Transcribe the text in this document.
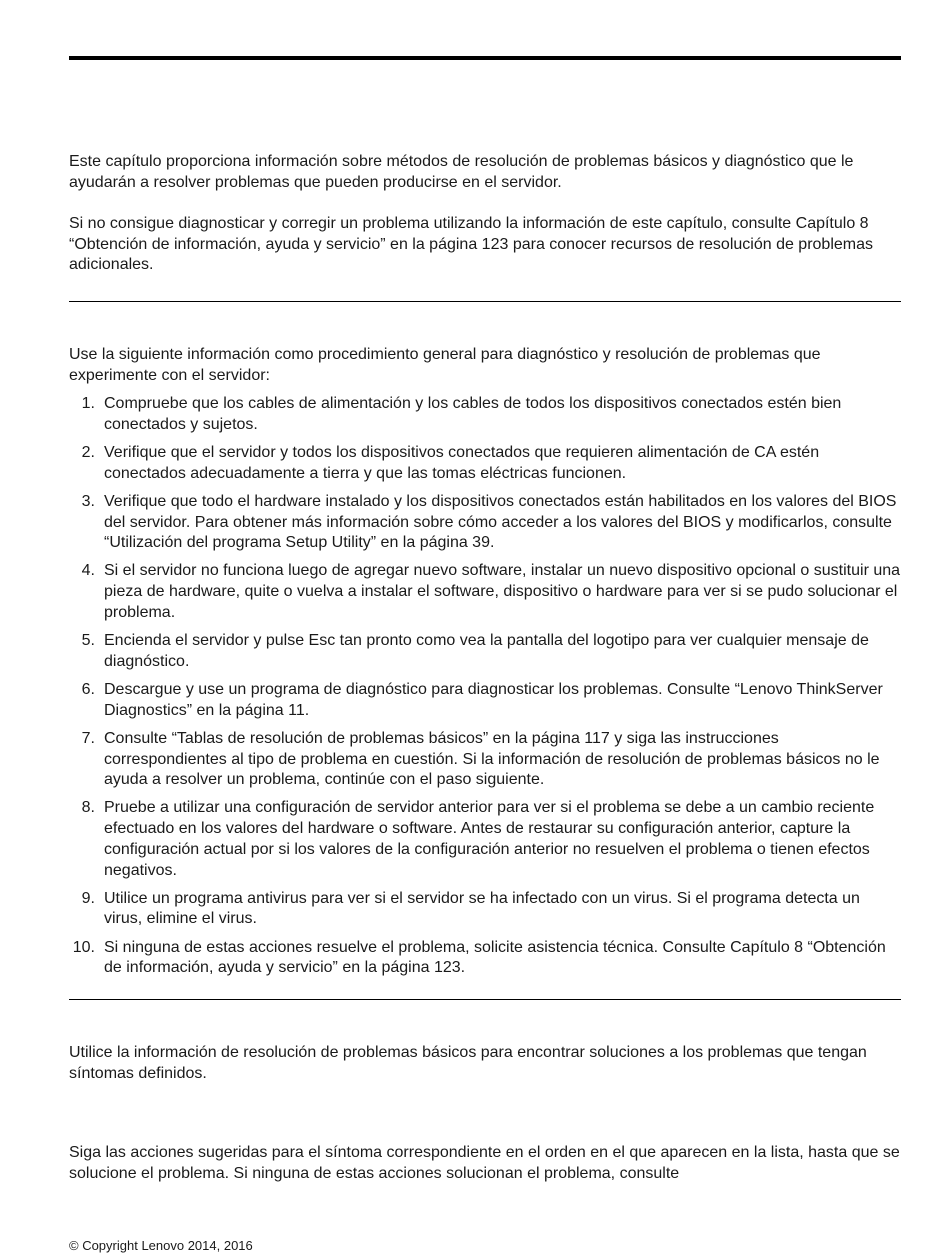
Este capítulo proporciona información sobre métodos de resolución de problemas básicos y diagnóstico que le ayudarán a resolver problemas que pueden producirse en el servidor.

Si no consigue diagnosticar y corregir un problema utilizando la información de este capítulo, consulte Capítulo 8 “Obtención de información, ayuda y servicio” en la página 123 para conocer recursos de resolución de problemas adicionales.

Use la siguiente información como procedimiento general para diagnóstico y resolución de problemas que experimente con el servidor:

1. Compruebe que los cables de alimentación y los cables de todos los dispositivos conectados estén bien conectados y sujetos.
2. Verifique que el servidor y todos los dispositivos conectados que requieren alimentación de CA estén conectados adecuadamente a tierra y que las tomas eléctricas funcionen.
3. Verifique que todo el hardware instalado y los dispositivos conectados están habilitados en los valores del BIOS del servidor. Para obtener más información sobre cómo acceder a los valores del BIOS y modificarlos, consulte “Utilización del programa Setup Utility” en la página 39.
4. Si el servidor no funciona luego de agregar nuevo software, instalar un nuevo dispositivo opcional o sustituir una pieza de hardware, quite o vuelva a instalar el software, dispositivo o hardware para ver si se pudo solucionar el problema.
5. Encienda el servidor y pulse Esc tan pronto como vea la pantalla del logotipo para ver cualquier mensaje de diagnóstico.
6. Descargue y use un programa de diagnóstico para diagnosticar los problemas. Consulte “Lenovo ThinkServer Diagnostics” en la página 11.
7. Consulte “Tablas de resolución de problemas básicos” en la página 117 y siga las instrucciones correspondientes al tipo de problema en cuestión. Si la información de resolución de problemas básicos no le ayuda a resolver un problema, continúe con el paso siguiente.
8. Pruebe a utilizar una configuración de servidor anterior para ver si el problema se debe a un cambio reciente efectuado en los valores del hardware o software. Antes de restaurar su configuración anterior, capture la configuración actual por si los valores de la configuración anterior no resuelven el problema o tienen efectos negativos.
9. Utilice un programa antivirus para ver si el servidor se ha infectado con un virus. Si el programa detecta un virus, elimine el virus.
10. Si ninguna de estas acciones resuelve el problema, solicite asistencia técnica. Consulte Capítulo 8 “Obtención de información, ayuda y servicio” en la página 123.

Utilice la información de resolución de problemas básicos para encontrar soluciones a los problemas que tengan síntomas definidos.

Siga las acciones sugeridas para el síntoma correspondiente en el orden en el que aparecen en la lista, hasta que se solucione el problema. Si ninguna de estas acciones solucionan el problema, consulte

© Copyright Lenovo 2014, 2016
